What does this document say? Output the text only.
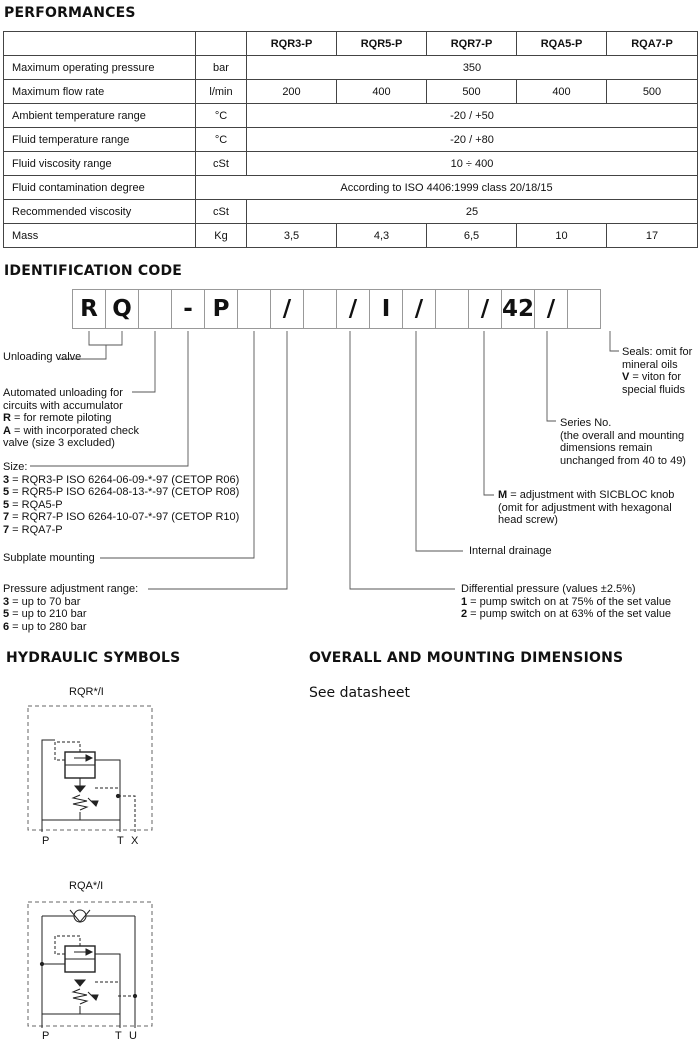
PERFORMANCES
		RQR3-P	RQR5-P	RQR7-P	RQA5-P	RQA7-P
Maximum operating pressure	bar	350				
Maximum flow rate	l/min	200	400	500	400	500
Ambient temperature range	°C	-20 / +50				
Fluid temperature range	°C	-20 / +80				
Fluid viscosity range	cSt	10 ÷ 400				
Fluid contamination degree	According to ISO 4406:1999 class 20/18/15					
Recommended viscosity	cSt	25				
Mass	Kg	3,5	4,3	6,5	10	17
IDENTIFICATION CODE
R Q	- P	/	/	I	/	/ 42 /
Unloading valve
Automated unloading for
circuits with accumulator
R = for remote piloting
A = with incorporated check
valve (size 3 excluded)
Size:
3 = RQR3-P ISO 6264-06-09-*-97 (CETOP R06)
5 = RQR5-P ISO 6264-08-13-*-97 (CETOP R08)
5 = RQA5-P
7 = RQR7-P ISO 6264-10-07-*-97 (CETOP R10)
7 = RQA7-P
Subplate mounting
Pressure adjustment range:
3 = up to 70 bar
5 = up to 210 bar
6 = up to 280 bar
Seals: omit for
mineral oils
V = viton for
special fluids
Series No.
(the overall and mounting
dimensions remain
unchanged from 40 to 49)
M = adjustment with SICBLOC knob
(omit for adjustment with hexagonal
head screw)
Internal drainage
Differential pressure (values ±2.5%)
1 = pump switch on at 75% of the set value
2 = pump switch on at 63% of the set value
HYDRAULIC SYMBOLS	OVERALL AND MOUNTING DIMENSIONS
See datasheet
RQR*/I
P	T X
RQA*/I
P	T U
